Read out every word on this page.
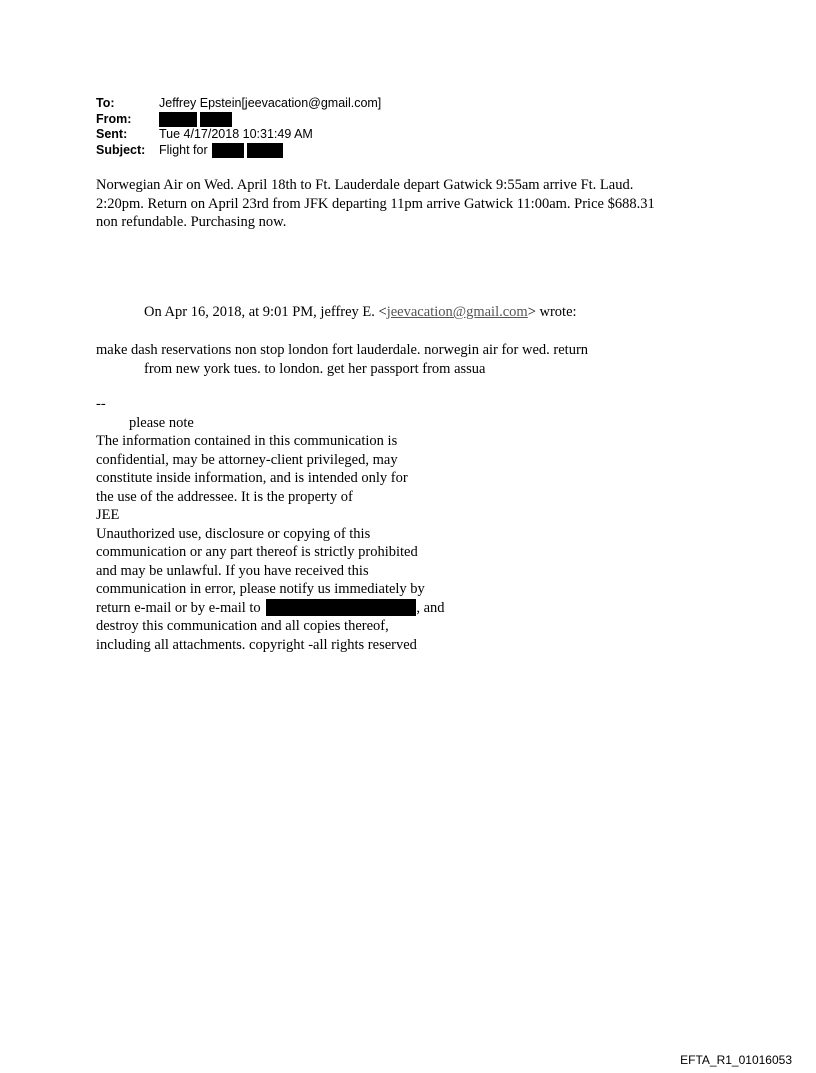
To:	Jeffrey Epstein[jeevacation@gmail.com]
From:
Sent:	Tue 4/17/2018 10:31:49 AM
Subject:	Flight for
Norwegian Air on Wed. April 18th to Ft. Lauderdale depart Gatwick 9:55am arrive Ft. Laud.
2:20pm. Return on April 23rd from JFK departing 11pm arrive Gatwick 11:00am. Price $688.31
non refundable. Purchasing now.
On Apr 16, 2018, at 9:01 PM, jeffrey E. <jeevacation@gmail.com> wrote:
make dash reservations non stop london fort lauderdale. norwegin air for wed. return
from new york tues. to london. get her passport from assua
--
please note
The information contained in this communication is
confidential, may be attorney-client privileged, may
constitute inside information, and is intended only for
the use of the addressee. It is the property of
JEE
Unauthorized use, disclosure or copying of this
communication or any part thereof is strictly prohibited
and may be unlawful. If you have received this
communication in error, please notify us immediately by
return e-mail or by e-mail to	, and
destroy this communication and all copies thereof,
including all attachments. copyright -all rights reserved
EFTA_R1_01016053
